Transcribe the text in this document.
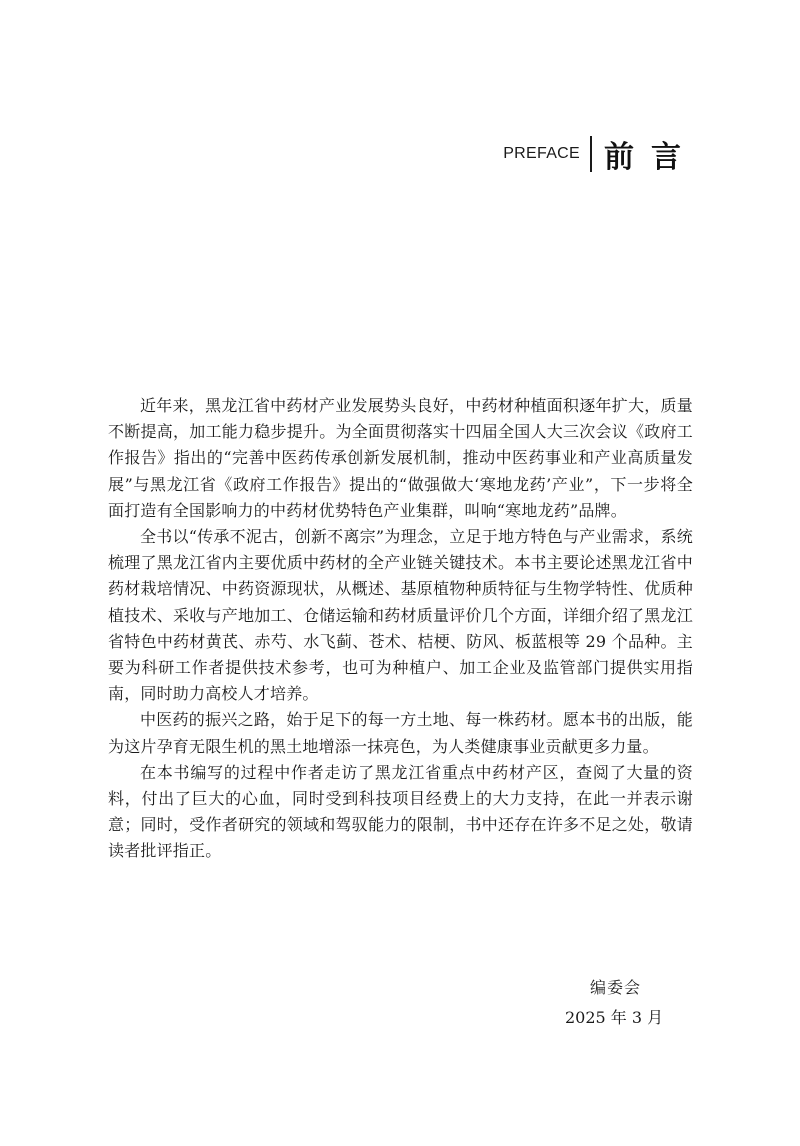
PREFACE 前言

近年来，黑龙江省中药材产业发展势头良好，中药材种植面积逐年扩大，质量不断提高，加工能力稳步提升。为全面贯彻落实十四届全国人大三次会议《政府工作报告》指出的“完善中医药传承创新发展机制，推动中医药事业和产业高质量发展”与黑龙江省《政府工作报告》提出的“做强做大‘寒地龙药’产业”，下一步将全面打造有全国影响力的中药材优势特色产业集群，叫响“寒地龙药”品牌。

全书以“传承不泥古，创新不离宗”为理念，立足于地方特色与产业需求，系统梳理了黑龙江省内主要优质中药材的全产业链关键技术。本书主要论述黑龙江省中药材栽培情况、中药资源现状，从概述、基原植物种质特征与生物学特性、优质种植技术、采收与产地加工、仓储运输和药材质量评价几个方面，详细介绍了黑龙江省特色中药材黄芪、赤芍、水飞蓟、苍术、桔梗、防风、板蓝根等 29 个品种。主要为科研工作者提供技术参考，也可为种植户、加工企业及监管部门提供实用指南，同时助力高校人才培养。

中医药的振兴之路，始于足下的每一方土地、每一株药材。愿本书的出版，能为这片孕育无限生机的黑土地增添一抹亮色，为人类健康事业贡献更多力量。

在本书编写的过程中作者走访了黑龙江省重点中药材产区，查阅了大量的资料，付出了巨大的心血，同时受到科技项目经费上的大力支持，在此一并表示谢意；同时，受作者研究的领域和驾驭能力的限制，书中还存在许多不足之处，敬请读者批评指正。

编委会
2025 年 3 月
